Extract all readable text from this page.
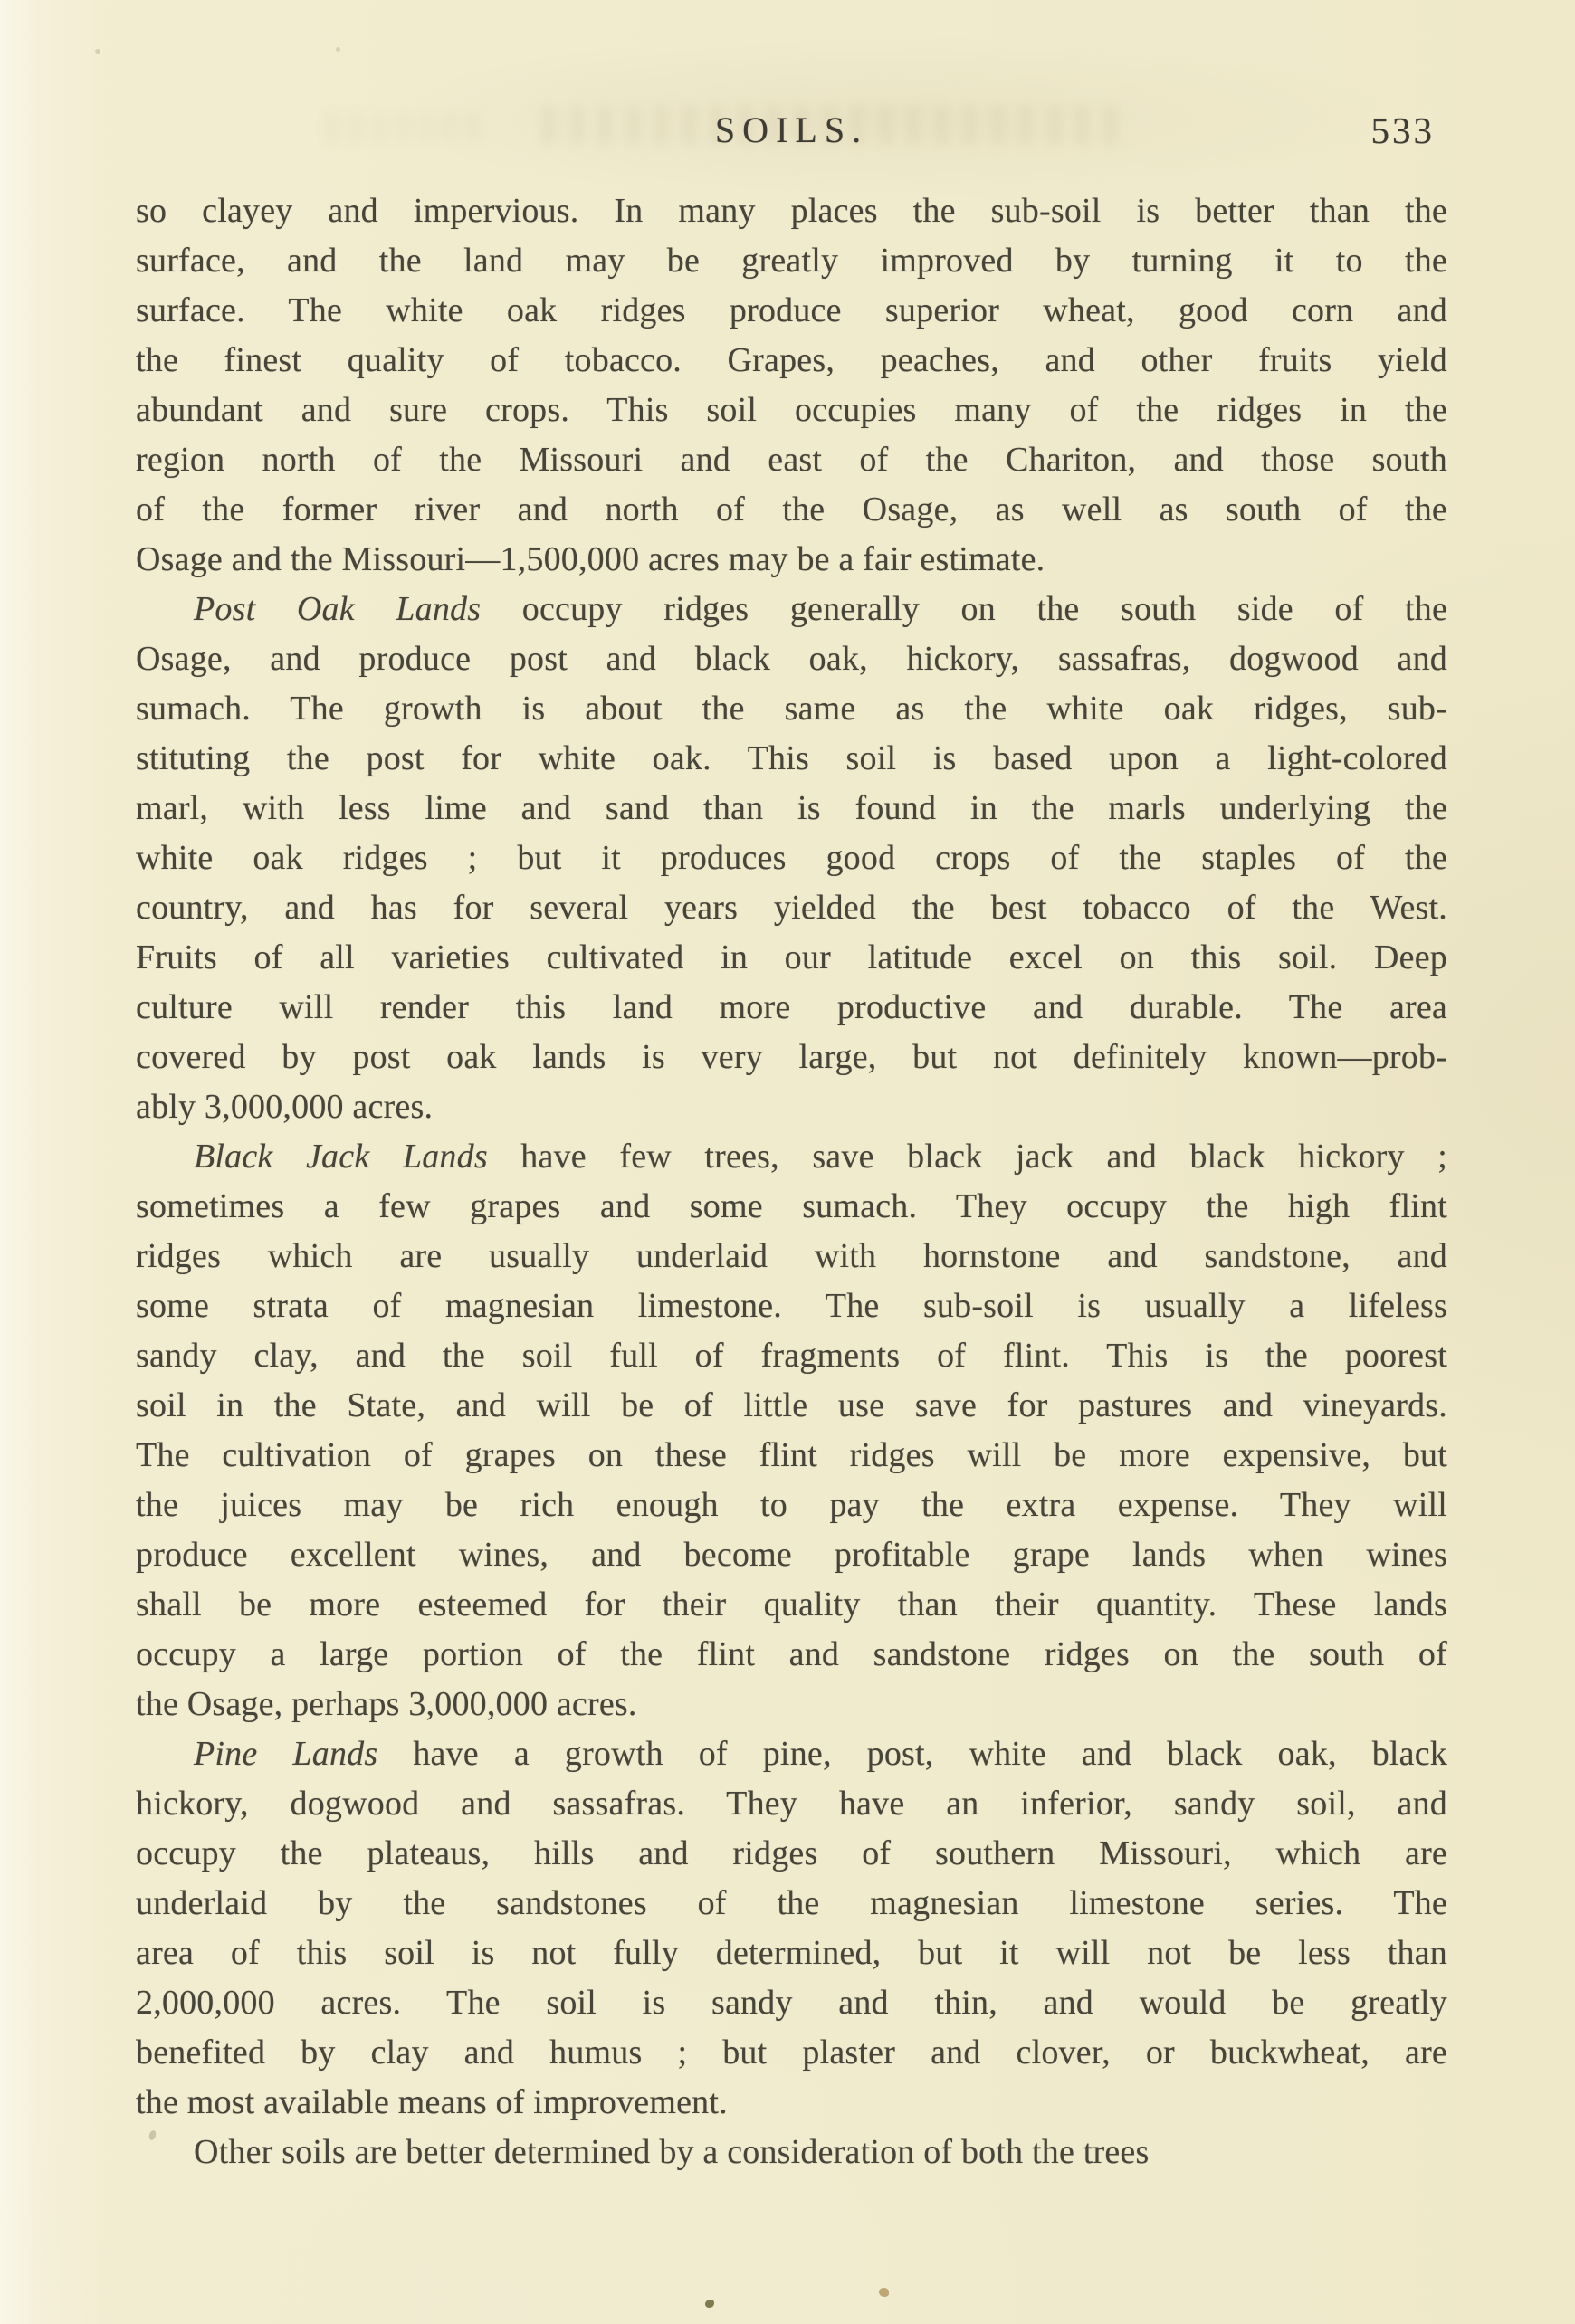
SOILS.	533
so clayey and impervious. In many places the sub-soil is better than the
surface, and the land may be greatly improved by turning it to the
surface. The white oak ridges produce superior wheat, good corn and
the finest quality of tobacco. Grapes, peaches, and other fruits yield
abundant and sure crops. This soil occupies many of the ridges in the
region north of the Missouri and east of the Chariton, and those south
of the former river and north of the Osage, as well as south of the
Osage and the Missouri—1,500,000 acres may be a fair estimate.
Post Oak Lands occupy ridges generally on the south side of the
Osage, and produce post and black oak, hickory, sassafras, dogwood and
sumach. The growth is about the same as the white oak ridges, sub-
stituting the post for white oak. This soil is based upon a light-colored
marl, with less lime and sand than is found in the marls underlying the
white oak ridges ; but it produces good crops of the staples of the
country, and has for several years yielded the best tobacco of the West.
Fruits of all varieties cultivated in our latitude excel on this soil. Deep
culture will render this land more productive and durable. The area
covered by post oak lands is very large, but not definitely known—prob-
ably 3,000,000 acres.
Black Jack Lands have few trees, save black jack and black hickory ;
sometimes a few grapes and some sumach. They occupy the high flint
ridges which are usually underlaid with hornstone and sandstone, and
some strata of magnesian limestone. The sub-soil is usually a lifeless
sandy clay, and the soil full of fragments of flint. This is the poorest
soil in the State, and will be of little use save for pastures and vineyards.
The cultivation of grapes on these flint ridges will be more expensive, but
the juices may be rich enough to pay the extra expense. They will
produce excellent wines, and become profitable grape lands when wines
shall be more esteemed for their quality than their quantity. These lands
occupy a large portion of the flint and sandstone ridges on the south of
the Osage, perhaps 3,000,000 acres.
Pine Lands have a growth of pine, post, white and black oak, black
hickory, dogwood and sassafras. They have an inferior, sandy soil, and
occupy the plateaus, hills and ridges of southern Missouri, which are
underlaid by the sandstones of the magnesian limestone series. The
area of this soil is not fully determined, but it will not be less than
2,000,000 acres. The soil is sandy and thin, and would be greatly
benefited by clay and humus ; but plaster and clover, or buckwheat, are
the most available means of improvement.
Other soils are better determined by a consideration of both the trees
